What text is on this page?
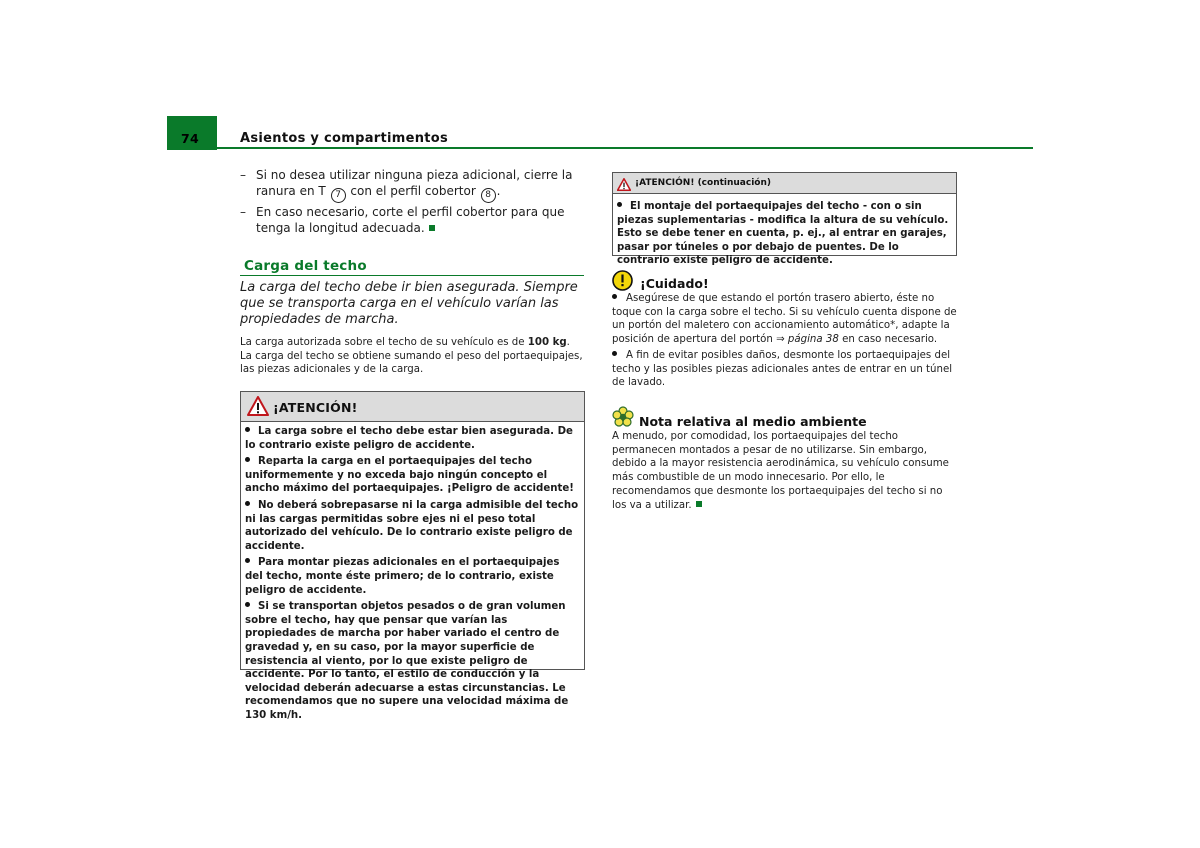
74	Asientos y compartimentos
– Si no desea utilizar ninguna pieza adicional, cierre la ranura en T 7 con el perfil cobertor 8 .
– En caso necesario, corte el perfil cobertor para que tenga la longitud adecuada.
Carga del techo
La carga del techo debe ir bien asegurada. Siempre que se transporta carga en el vehículo varían las propiedades de marcha.
La carga autorizada sobre el techo de su vehículo es de 100 kg. La carga del techo se obtiene sumando el peso del portaequipajes, las piezas adicionales y de la carga.
¡ATENCIÓN!
La carga sobre el techo debe estar bien asegurada. De lo contrario existe peligro de accidente.
Reparta la carga en el portaequipajes del techo uniformemente y no exceda bajo ningún concepto el ancho máximo del portaequipajes. ¡Peligro de accidente!
No deberá sobrepasarse ni la carga admisible del techo ni las cargas permitidas sobre ejes ni el peso total autorizado del vehículo. De lo contrario existe peligro de accidente.
Para montar piezas adicionales en el portaequipajes del techo, monte éste primero; de lo contrario, existe peligro de accidente.
Si se transportan objetos pesados o de gran volumen sobre el techo, hay que pensar que varían las propiedades de marcha por haber variado el centro de gravedad y, en su caso, por la mayor superficie de resistencia al viento, por lo que existe peligro de accidente. Por lo tanto, el estilo de conducción y la velocidad deberán adecuarse a estas circunstancias. Le recomendamos que no supere una velocidad máxima de 130 km/h.
¡ATENCIÓN! (continuación)
El montaje del portaequipajes del techo - con o sin piezas suplementarias - modifica la altura de su vehículo. Esto se debe tener en cuenta, p. ej., al entrar en garajes, pasar por túneles o por debajo de puentes. De lo contrario existe peligro de accidente.
¡Cuidado!
Asegúrese de que estando el portón trasero abierto, éste no toque con la carga sobre el techo. Si su vehículo cuenta dispone de un portón del maletero con accionamiento automático*, adapte la posición de apertura del portón ⇒ página 38 en caso necesario.
A fin de evitar posibles daños, desmonte los portaequipajes del techo y las posibles piezas adicionales antes de entrar en un túnel de lavado.
Nota relativa al medio ambiente
A menudo, por comodidad, los portaequipajes del techo permanecen montados a pesar de no utilizarse. Sin embargo, debido a la mayor resistencia aerodinámica, su vehículo consume más combustible de un modo innecesario. Por ello, le recomendamos que desmonte los portaequipajes del techo si no los va a utilizar.
